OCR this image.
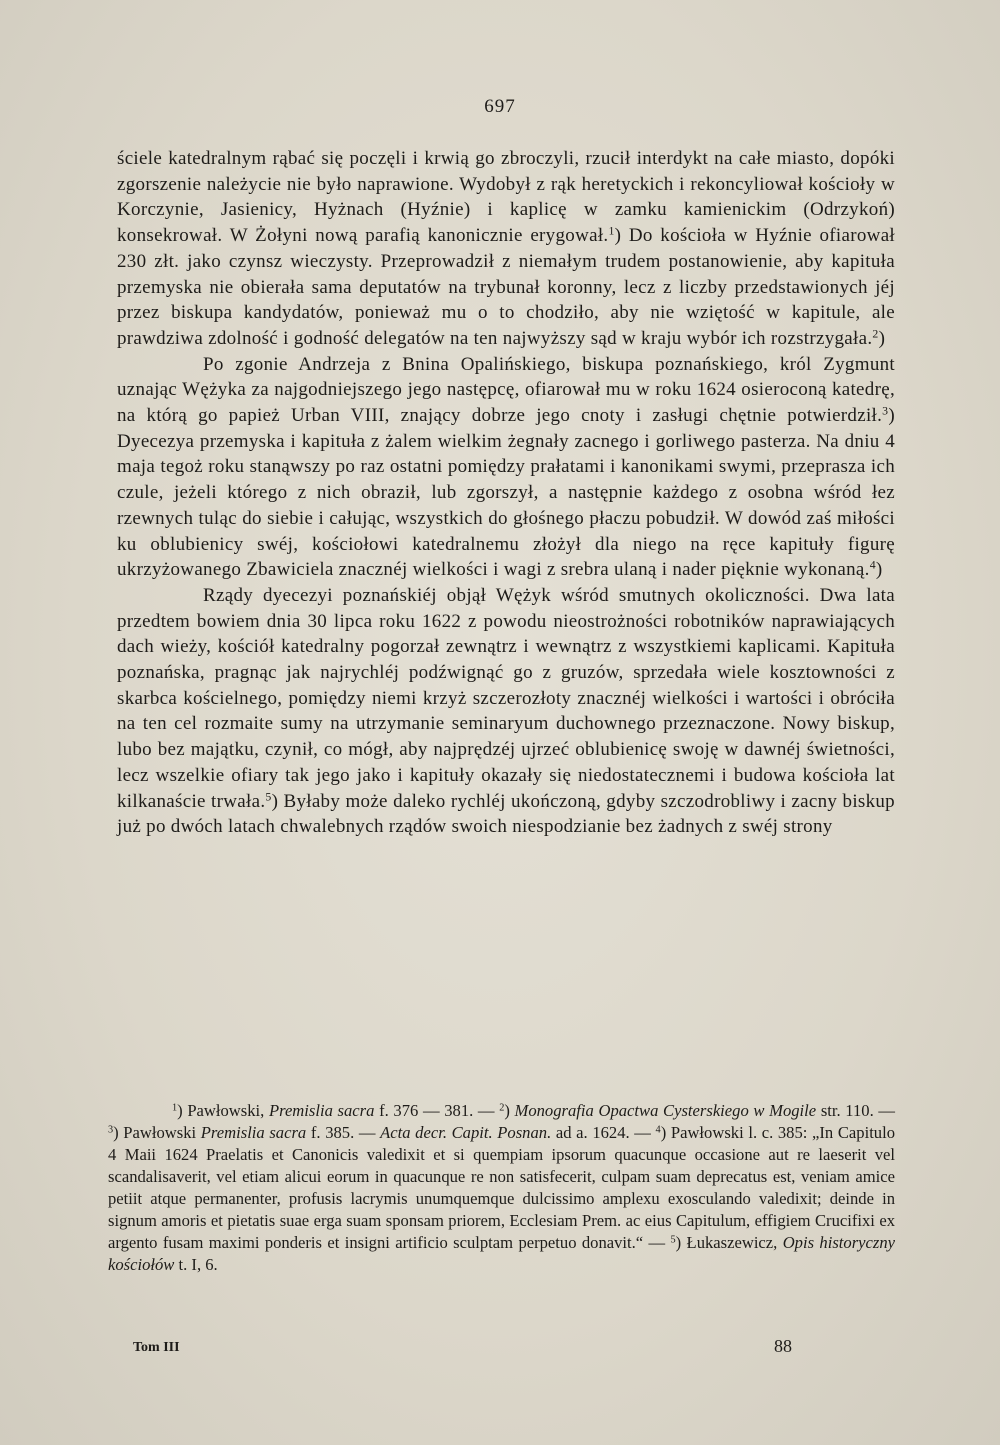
697

ściele katedralnym rąbać się poczęli i krwią go zbroczyli, rzucił interdykt na całe miasto, dopóki zgorszenie należycie nie było naprawione. Wydobył z rąk heretyckich i rekoncyliował kościoły w Korczynie, Jasienicy, Hyżnach (Hyźnie) i kaplicę w zamku kamienickim (Odrzykoń) konsekrował. W Żołyni nową parafią kanonicznie erygował.$^1$) Do kościoła w Hyźnie ofiarował 230 złt. jako czynsz wieczysty. Przeprowadził z niemałym trudem postanowienie, aby kapituła przemyska nie obierała sama deputatów na trybunał koronny, lecz z liczby przedstawionych jéj przez biskupa kandydatów, ponieważ mu o to chodziło, aby nie wziętość w kapitule, ale prawdziwa zdolność i godność delegatów na ten najwyższy sąd w kraju wybór ich rozstrzygała.$^2$)

Po zgonie Andrzeja z Bnina Opalińskiego, biskupa poznańskiego, król Zygmunt uznając Wężyka za najgodniejszego jego następcę, ofiarował mu w roku 1624 osieroconą katedrę, na którą go papież Urban VIII, znający dobrze jego cnoty i zasługi chętnie potwierdził.$^3$) Dyecezya przemyska i kapituła z żalem wielkim żegnały zacnego i gorliwego pasterza. Na dniu 4 maja tegoż roku stanąwszy po raz ostatni pomiędzy prałatami i kanonikami swymi, przeprasza ich czule, jeżeli którego z nich obraził, lub zgorszył, a następnie każdego z osobna wśród łez rzewnych tuląc do siebie i całując, wszystkich do głośnego płaczu pobudził. W dowód zaś miłości ku oblubienicy swéj, kościołowi katedralnemu złożył dla niego na ręce kapituły figurę ukrzyżowanego Zbawiciela znacznéj wielkości i wagi z srebra ulaną i nader pięknie wykonaną.$^4$)

Rządy dyecezyi poznańskiéj objął Wężyk wśród smutnych okoliczności. Dwa lata przedtem bowiem dnia 30 lipca roku 1622 z powodu nieostrożności robotników naprawiających dach wieży, kościół katedralny pogorzał zewnątrz i wewnątrz z wszystkiemi kaplicami. Kapituła poznańska, pragnąc jak najrychléj podźwignąć go z gruzów, sprzedała wiele kosztowności z skarbca kościelnego, pomiędzy niemi krzyż szczerozłoty znacznéj wielkości i wartości i obróciła na ten cel rozmaite sumy na utrzymanie seminaryum duchownego przeznaczone. Nowy biskup, lubo bez majątku, czynił, co mógł, aby najprędzéj ujrzeć oblubienicę swoję w dawnéj świetności, lecz wszelkie ofiary tak jego jako i kapituły okazały się niedostatecznemi i budowa kościoła lat kilkanaście trwała.$^5$) Byłaby może daleko rychléj ukończoną, gdyby szczodrobliwy i zacny biskup już po dwóch latach chwalebnych rządów swoich niespodzianie bez żadnych z swéj strony

$^1$) Pawłowski, Premislia sacra f. 376 — 381. — $^2$) Monografia Opactwa Cysterskiego w Mogile str. 110. — $^3$) Pawłowski Premislia sacra f. 385. — Acta decr. Capit. Posnan. ad a. 1624. — $^4$) Pawłowski l. c. 385: „In Capitulo 4 Maii 1624 Praelatis et Canonicis valedixit et si quempiam ipsorum quacunque occasione aut re laeserit vel scandalisaverit, vel etiam alicui eorum in quacunque re non satisfecerit, culpam suam deprecatus est, veniam amice petiit atque permanenter, profusis lacrymis unumquemque dulcissimo amplexu exosculando valedixit; deinde in signum amoris et pietatis suae erga suam sponsam priorem, Ecclesiam Prem. ac eius Capitulum, effigiem Crucifixi ex argento fusam maximi ponderis et insigni artificio sculptam perpetuo donavit.“ — $^5$) Łukaszewicz, Opis historyczny kościołów t. I, 6.

Tom III	88
